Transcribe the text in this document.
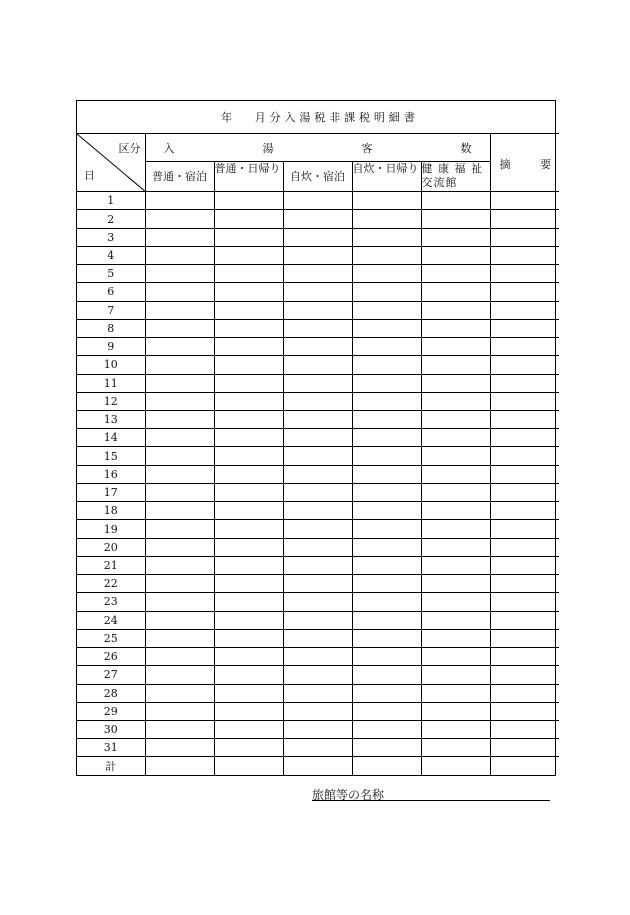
年　　月 分 入 湯 税 非 課 税 明 細 書						

区分
日	入 湯 客 数					摘 要

	普通・宿泊	普通・日帰り	自炊・宿泊	自炊・日帰り	健 康 福 祉 交流館	
1						
2						
3						
4						
5						
6						
7						
8						
9						
10						
11						
12						
13						
14						
15						
16						
17						
18						
19						
20						
21						
22						
23						
24						
25						
26						
27						
28						
29						
30						
31						
計						
旅館等の名称
